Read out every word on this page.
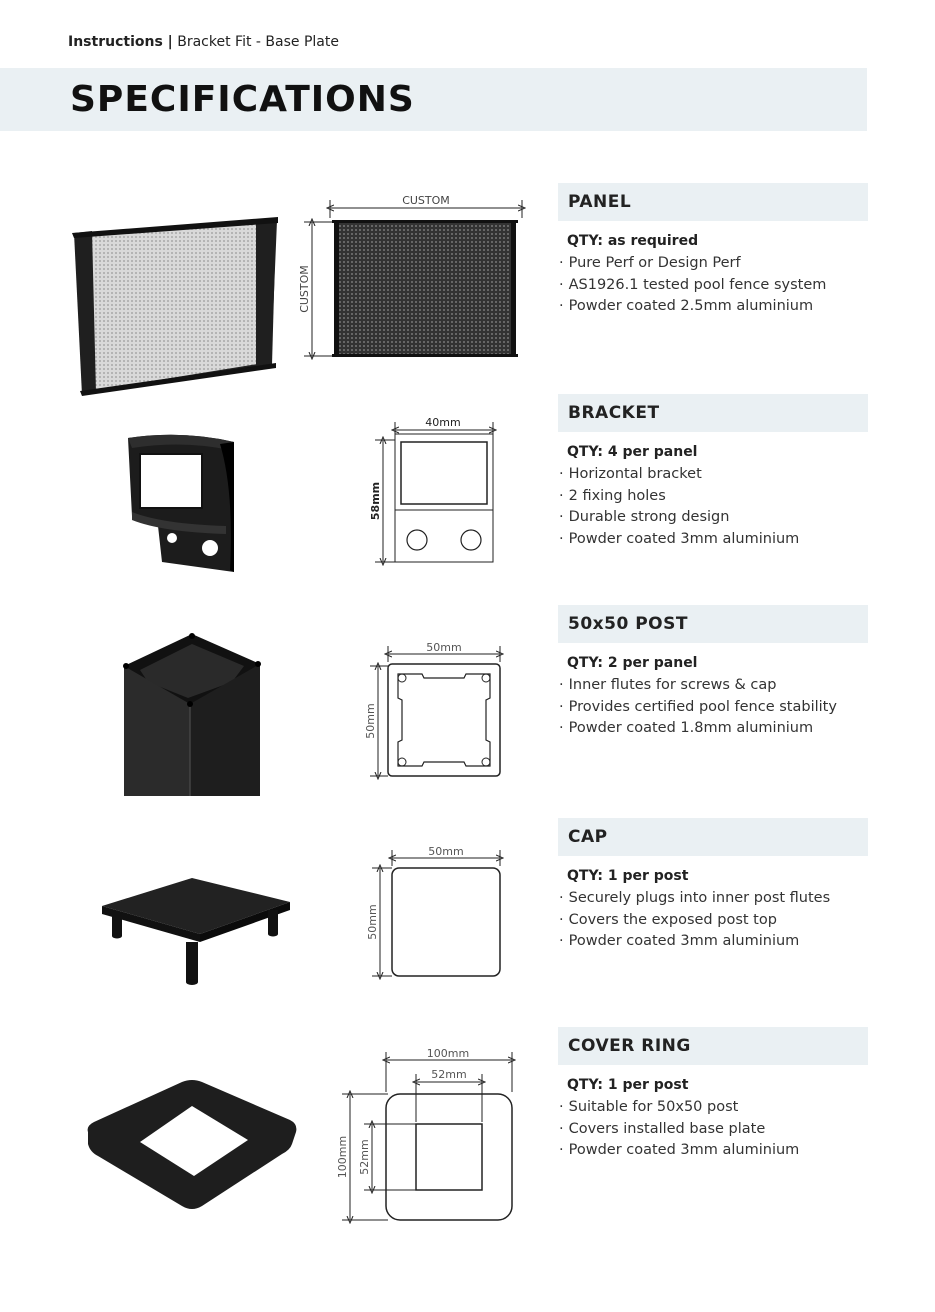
Instructions | Bracket Fit - Base Plate
SPECIFICATIONS
CUSTOM
CUSTOM
PANEL
QTY: as required
· Pure Perf or Design Perf
· AS1926.1 tested pool fence system
· Powder coated 2.5mm aluminium
40mm
58mm
BRACKET
QTY: 4 per panel
· Horizontal bracket
· 2 fixing holes
· Durable strong design
· Powder coated 3mm aluminium
50mm
50mm
50x50 POST
QTY: 2 per panel
· Inner flutes for screws & cap
· Provides certified pool fence stability
· Powder coated 1.8mm aluminium
50mm
50mm
CAP
QTY: 1 per post
· Securely plugs into inner post flutes
· Covers the exposed post top
· Powder coated 3mm aluminium
100mm
52mm
100mm 52mm
COVER RING
QTY: 1 per post
· Suitable for 50x50 post
· Covers installed base plate
· Powder coated 3mm aluminium
